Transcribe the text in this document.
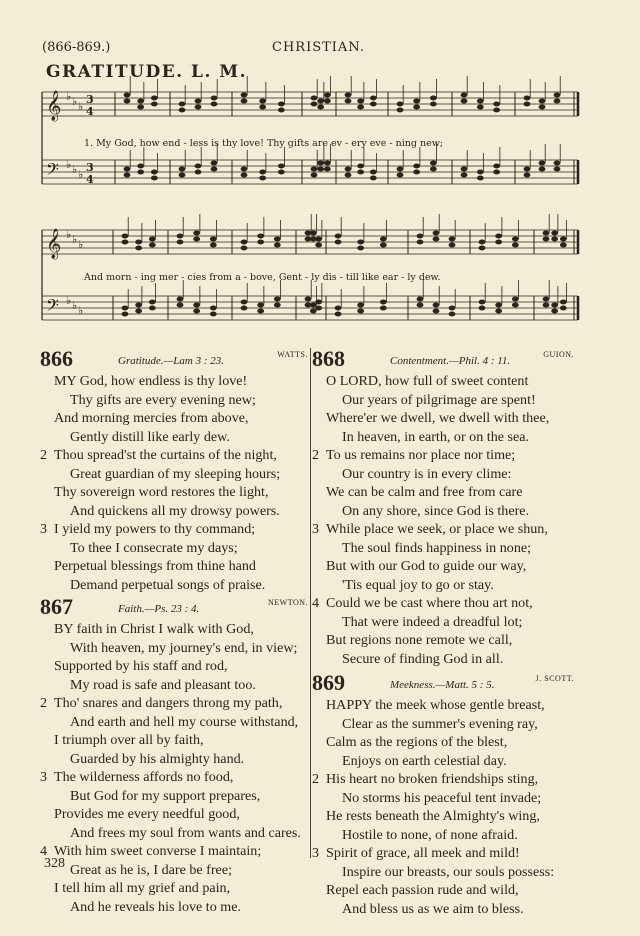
(866-869.)	CHRISTIAN.
GRATITUDE. L. M.
𝄞
𝄞
𝄢
𝄢
♭ ♭ ♭
♭ ♭ ♭
♭ ♭ ♭
♭ ♭ ♭
3
4
3
4
1. My God, how end - less is thy love! Thy gifts are ev - ery eve - ning new;
And morn - ing mer - cies from a - bove, Gent - ly dis - till like ear - ly dew.
866	Gratitude.—Lam 3 : 23.
WATTS.
MY God, how endless is thy love!
Thy gifts are every evening new;
And morning mercies from above,
Gently distill like early dew.
2 Thou spread'st the curtains of the night,
Great guardian of my sleeping hours;
Thy sovereign word restores the light,
And quickens all my drowsy powers.
3 I yield my powers to thy command;
To thee I consecrate my days;
Perpetual blessings from thine hand
Demand perpetual songs of praise.
867	Faith.—Ps. 23 : 4.
NEWTON.
BY faith in Christ I walk with God,
With heaven, my journey's end, in view;
Supported by his staff and rod,
My road is safe and pleasant too.
2 Tho' snares and dangers throng my path,
And earth and hell my course withstand,
I triumph over all by faith,
Guarded by his almighty hand.
3 The wilderness affords no food,
But God for my support prepares,
Provides me every needful good,
And frees my soul from wants and cares.
4 With him sweet converse I maintain;
Great as he is, I dare be free;
I tell him all my grief and pain,
And he reveals his love to me.
868	Contentment.—Phil. 4 : 11.
GUION.
O LORD, how full of sweet content
Our years of pilgrimage are spent!
Where'er we dwell, we dwell with thee,
In heaven, in earth, or on the sea.
2 To us remains nor place nor time;
Our country is in every clime:
We can be calm and free from care
On any shore, since God is there.
3 While place we seek, or place we shun,
The soul finds happiness in none;
But with our God to guide our way,
'Tis equal joy to go or stay.
4 Could we be cast where thou art not,
That were indeed a dreadful lot;
But regions none remote we call,
Secure of finding God in all.
869	Meekness.—Matt. 5 : 5.
J. SCOTT.
HAPPY the meek whose gentle breast,
Clear as the summer's evening ray,
Calm as the regions of the blest,
Enjoys on earth celestial day.
2 His heart no broken friendships sting,
No storms his peaceful tent invade;
He rests beneath the Almighty's wing,
Hostile to none, of none afraid.
3 Spirit of grace, all meek and mild!
Inspire our breasts, our souls possess:
Repel each passion rude and wild,
And bless us as we aim to bless.
328
